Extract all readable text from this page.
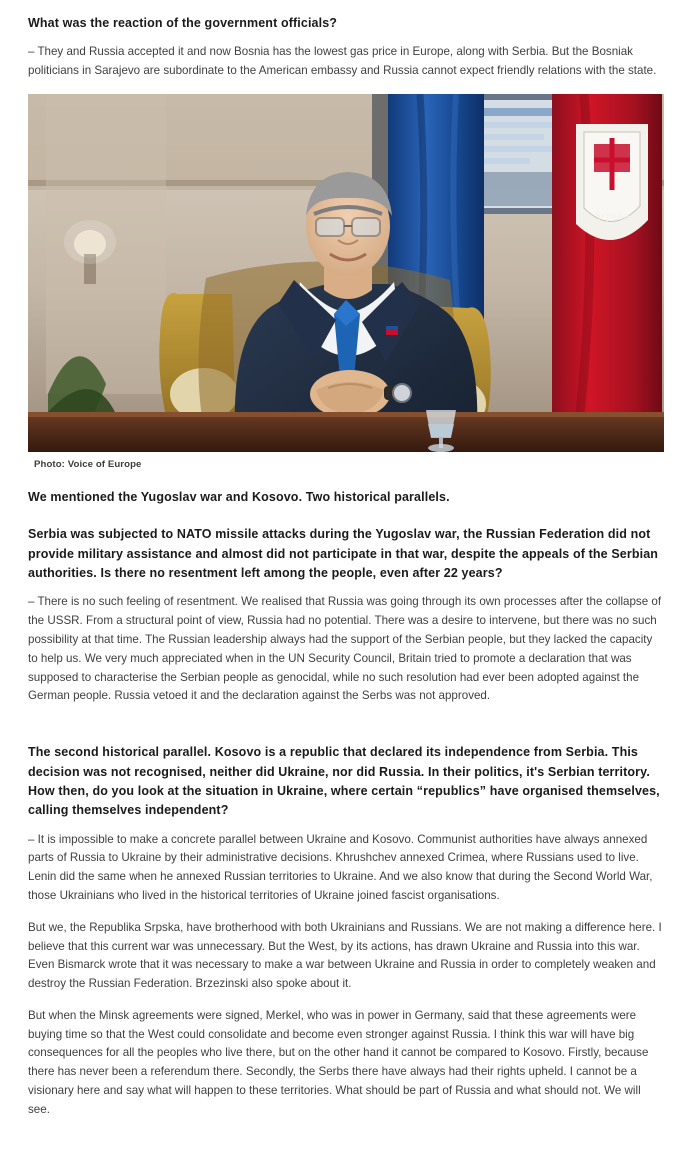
What was the reaction of the government officials?

– They and Russia accepted it and now Bosnia has the lowest gas price in Europe, along with Serbia. But the Bosniak politicians in Sarajevo are subordinate to the American embassy and Russia cannot expect friendly relations with the state.

Srpska
Photo: Voice of Europe
We mentioned the Yugoslav war and Kosovo. Two historical parallels.
Serbia was subjected to NATO missile attacks during the Yugoslav war, the Russian Federation did not provide military assistance and almost did not participate in that war, despite the appeals of the Serbian authorities. Is there no resentment left among the people, even after 22 years?

– There is no such feeling of resentment. We realised that Russia was going through its own processes after the collapse of the USSR. From a structural point of view, Russia had no potential. There was a desire to intervene, but there was no such possibility at that time. The Russian leadership always had the support of the Serbian people, but they lacked the capacity to help us. We very much appreciated when in the UN Security Council, Britain tried to promote a declaration that was supposed to characterise the Serbian people as genocidal, while no such resolution had ever been adopted against the German people. Russia vetoed it and the declaration against the Serbs was not approved.

The second historical parallel. Kosovo is a republic that declared its independence from Serbia. This decision was not recognised, neither did Ukraine, nor did Russia. In their politics, it's Serbian territory. How then, do you look at the situation in Ukraine, where certain “republics” have organised themselves, calling themselves independent?

– It is impossible to make a concrete parallel between Ukraine and Kosovo. Communist authorities have always annexed parts of Russia to Ukraine by their administrative decisions. Khrushchev annexed Crimea, where Russians used to live. Lenin did the same when he annexed Russian territories to Ukraine. And we also know that during the Second World War, those Ukrainians who lived in the historical territories of Ukraine joined fascist organisations.

But we, the Republika Srpska, have brotherhood with both Ukrainians and Russians. We are not making a difference here. I believe that this current war was unnecessary. But the West, by its actions, has drawn Ukraine and Russia into this war. Even Bismarck wrote that it was necessary to make a war between Ukraine and Russia in order to completely weaken and destroy the Russian Federation. Brzezinski also spoke about it.

But when the Minsk agreements were signed, Merkel, who was in power in Germany, said that these agreements were buying time so that the West could consolidate and become even stronger against Russia. I think this war will have big consequences for all the peoples who live there, but on the other hand it cannot be compared to Kosovo. Firstly, because there has never been a referendum there. Secondly, the Serbs there have always had their rights upheld. I cannot be a visionary here and say what will happen to these territories. What should be part of Russia and what should not. We will see.
